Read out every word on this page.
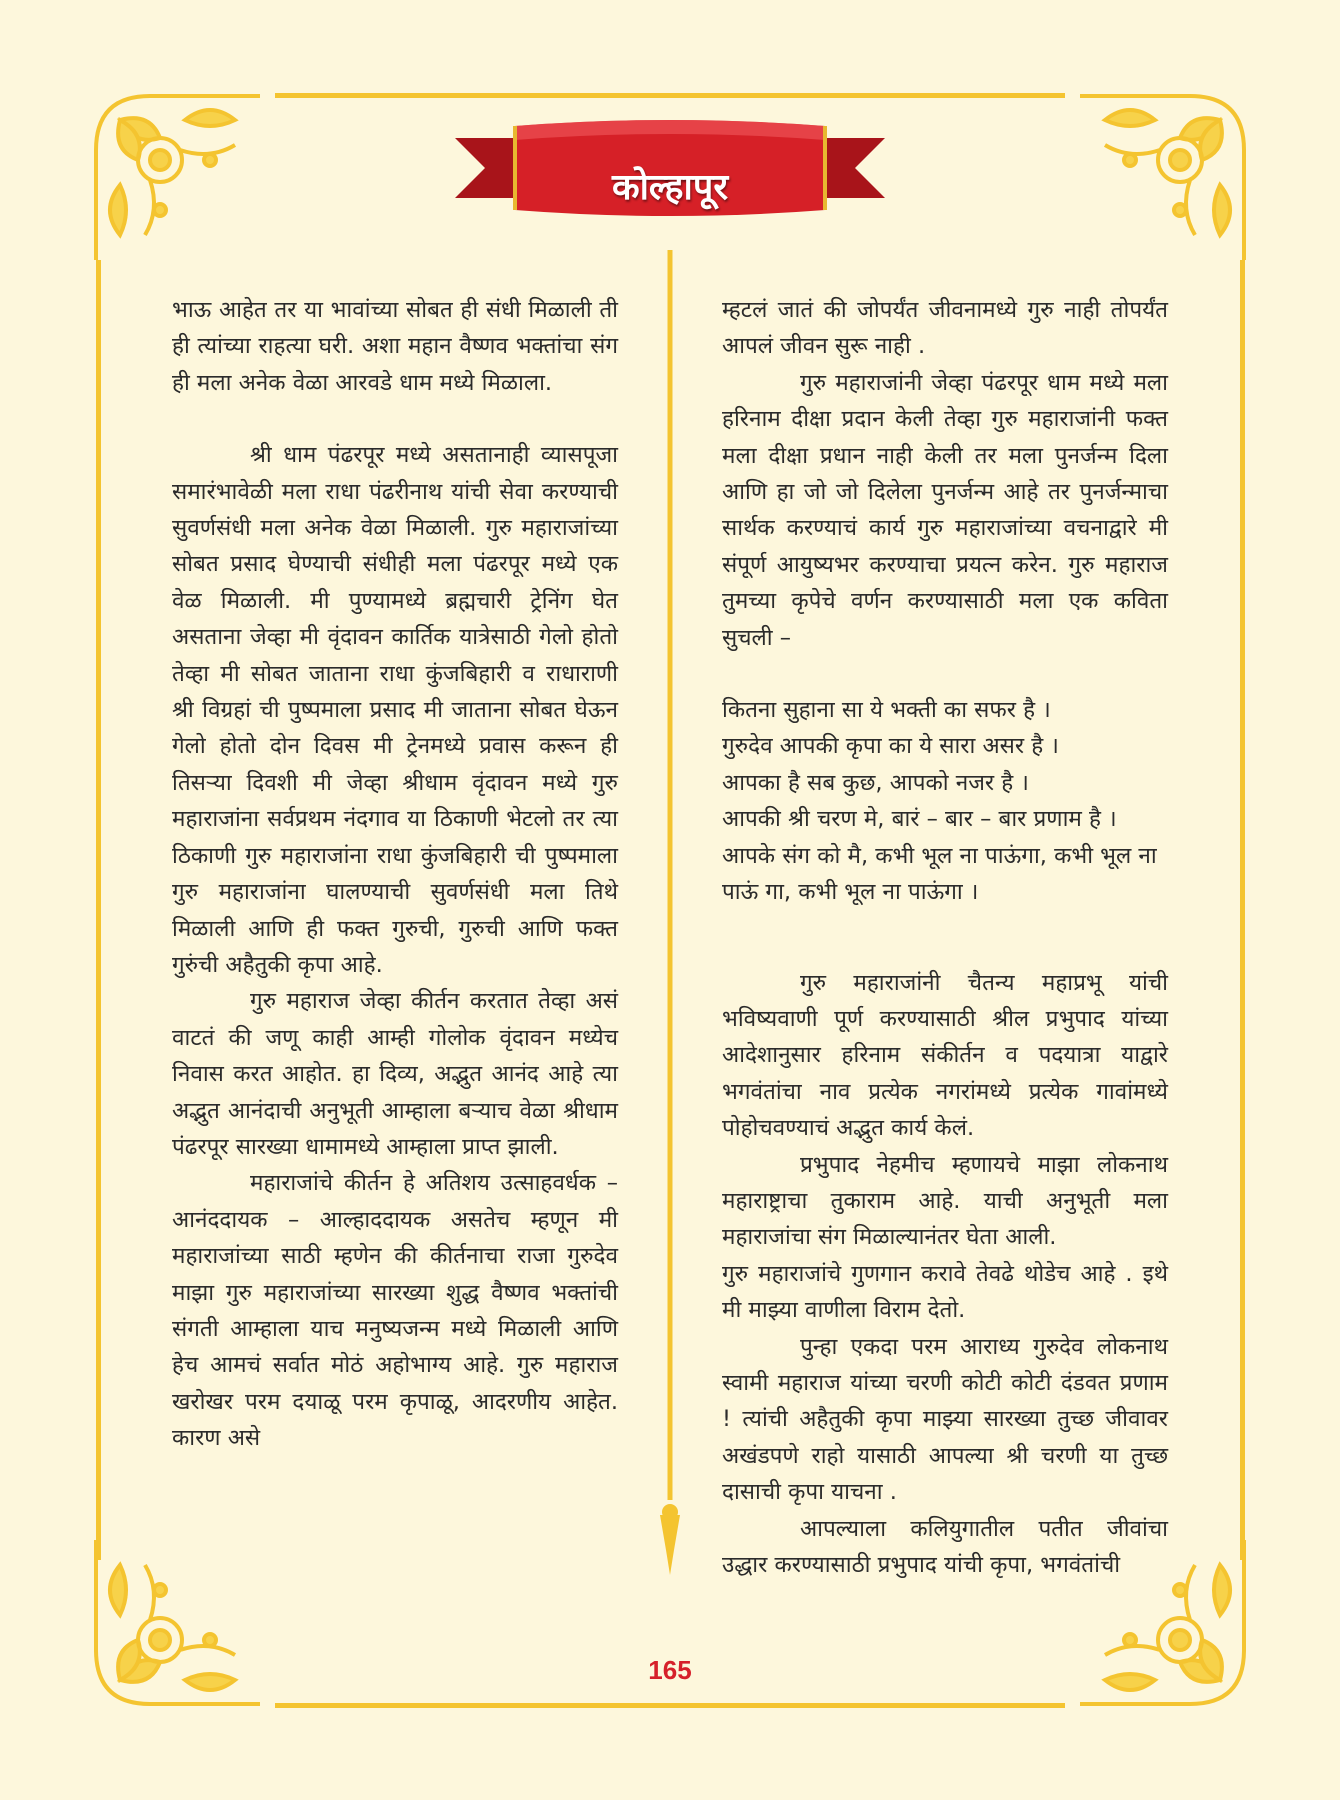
कोल्हापूर

भाऊ आहेत तर या भावांच्या सोबत ही संधी मिळाली ती ही त्यांच्या राहत्या घरी. अशा महान वैष्णव भक्तांचा संग ही मला अनेक वेळा आरवडे धाम मध्ये मिळाला.

श्री धाम पंढरपूर मध्ये असतानाही व्यासपूजा समारंभावेळी मला राधा पंढरीनाथ यांची सेवा करण्याची सुवर्णसंधी मला अनेक वेळा मिळाली. गुरु महाराजांच्या सोबत प्रसाद घेण्याची संधीही मला पंढरपूर मध्ये एक वेळ मिळाली. मी पुण्यामध्ये ब्रह्मचारी ट्रेनिंग घेत असताना जेव्हा मी वृंदावन कार्तिक यात्रेसाठी गेलो होतो तेव्हा मी सोबत जाताना राधा कुंजबिहारी व राधाराणी श्री विग्रहां ची पुष्पमाला प्रसाद मी जाताना सोबत घेऊन गेलो होतो दोन दिवस मी ट्रेनमध्ये प्रवास करून ही तिसऱ्या दिवशी मी जेव्हा श्रीधाम वृंदावन मध्ये गुरु महाराजांना सर्वप्रथम नंदगाव या ठिकाणी भेटलो तर त्या ठिकाणी गुरु महाराजांना राधा कुंजबिहारी ची पुष्पमाला गुरु महाराजांना घालण्याची सुवर्णसंधी मला तिथे मिळाली आणि ही फक्त गुरुची, गुरुची आणि फक्त गुरुंची अहैतुकी कृपा आहे.

गुरु महाराज जेव्हा कीर्तन करतात तेव्हा असं वाटतं की जणू काही आम्ही गोलोक वृंदावन मध्येच निवास करत आहोत. हा दिव्य, अद्भुत आनंद आहे त्या अद्भुत आनंदाची अनुभूती आम्हाला बऱ्याच वेळा श्रीधाम पंढरपूर सारख्या धामामध्ये आम्हाला प्राप्त झाली.

महाराजांचे कीर्तन हे अतिशय उत्साहवर्धक – आनंददायक – आल्हाददायक असतेच म्हणून मी महाराजांच्या साठी म्हणेन की कीर्तनाचा राजा गुरुदेव माझा गुरु महाराजांच्या सारख्या शुद्ध वैष्णव भक्तांची संगती आम्हाला याच मनुष्यजन्म मध्ये मिळाली आणि हेच आमचं सर्वात मोठं अहोभाग्य आहे. गुरु महाराज खरोखर परम दयाळू परम कृपाळू, आदरणीय आहेत. कारण असे

म्हटलं जातं की जोपर्यंत जीवनामध्ये गुरु नाही तोपर्यंत आपलं जीवन सुरू नाही .

गुरु महाराजांनी जेव्हा पंढरपूर धाम मध्ये मला हरिनाम दीक्षा प्रदान केली तेव्हा गुरु महाराजांनी फक्त मला दीक्षा प्रधान नाही केली तर मला पुनर्जन्म दिला आणि हा जो जो दिलेला पुनर्जन्म आहे तर पुनर्जन्माचा सार्थक करण्याचं कार्य गुरु महाराजांच्या वचनाद्वारे मी संपूर्ण आयुष्यभर करण्याचा प्रयत्न करेन. गुरु महाराज तुमच्या कृपेचे वर्णन करण्यासाठी मला एक कविता सुचली –

कितना सुहाना सा ये भक्ती का सफर है ।

गुरुदेव आपकी कृपा का ये सारा असर है ।

आपका है सब कुछ, आपको नजर है ।

आपकी श्री चरण मे, बारं – बार – बार प्रणाम है ।

आपके संग को मै, कभी भूल ना पाऊंगा, कभी भूल ना पाऊं गा, कभी भूल ना पाऊंगा ।

गुरु महाराजांनी चैतन्य महाप्रभू यांची भविष्यवाणी पूर्ण करण्यासाठी श्रील प्रभुपाद यांच्या आदेशानुसार हरिनाम संकीर्तन व पदयात्रा याद्वारे भगवंतांचा नाव प्रत्येक नगरांमध्ये प्रत्येक गावांमध्ये पोहोचवण्याचं अद्भुत कार्य केलं.

प्रभुपाद नेहमीच म्हणायचे माझा लोकनाथ महाराष्ट्राचा तुकाराम आहे. याची अनुभूती मला महाराजांचा संग मिळाल्यानंतर घेता आली.

गुरु महाराजांचे गुणगान करावे तेवढे थोडेच आहे . इथे मी माझ्या वाणीला विराम देतो.

पुन्हा एकदा परम आराध्य गुरुदेव लोकनाथ स्वामी महाराज यांच्या चरणी कोटी कोटी दंडवत प्रणाम ! त्यांची अहैतुकी कृपा माझ्या सारख्या तुच्छ जीवावर अखंडपणे राहो यासाठी आपल्या श्री चरणी या तुच्छ दासाची कृपा याचना .

आपल्याला कलियुगातील पतीत जीवांचा उद्धार करण्यासाठी प्रभुपाद यांची कृपा, भगवंतांची

165
